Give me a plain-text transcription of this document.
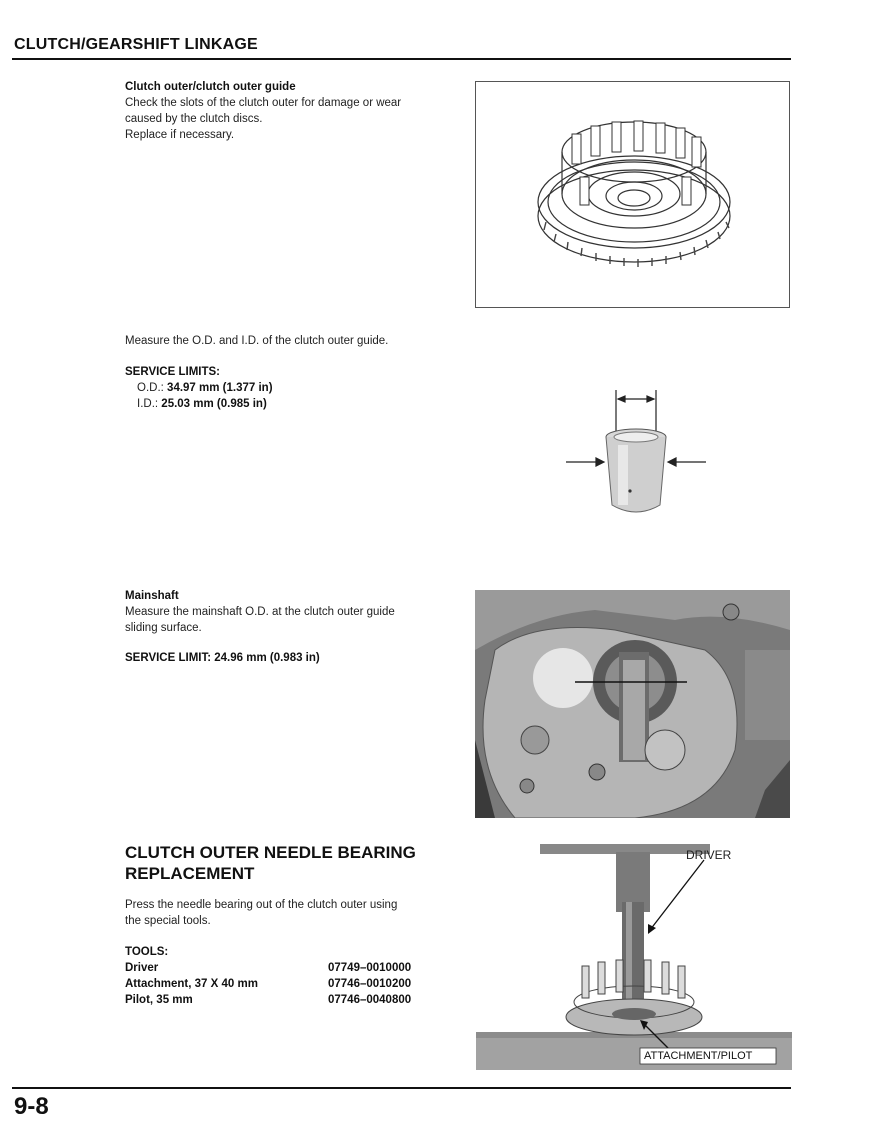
CLUTCH/GEARSHIFT LINKAGE
Clutch outer/clutch outer guide
Check the slots of the clutch outer for damage or wear
caused by the clutch discs.
Replace if necessary.
Measure the O.D. and I.D. of the clutch outer guide.
SERVICE LIMITS:
O.D.: 34.97 mm (1.377 in)
I.D.: 25.03 mm (0.985 in)
Mainshaft
Measure the mainshaft O.D. at the clutch outer guide
sliding surface.
SERVICE LIMIT: 24.96 mm (0.983 in)
CLUTCH OUTER NEEDLE BEARING
REPLACEMENT
Press the needle bearing out of the clutch outer using
the special tools.
TOOLS:
Driver	07749–0010000
Attachment, 37 X 40 mm	07746–0010200
Pilot, 35 mm	07746–0040800
DRIVER
ATTACHMENT/PILOT
9-8
